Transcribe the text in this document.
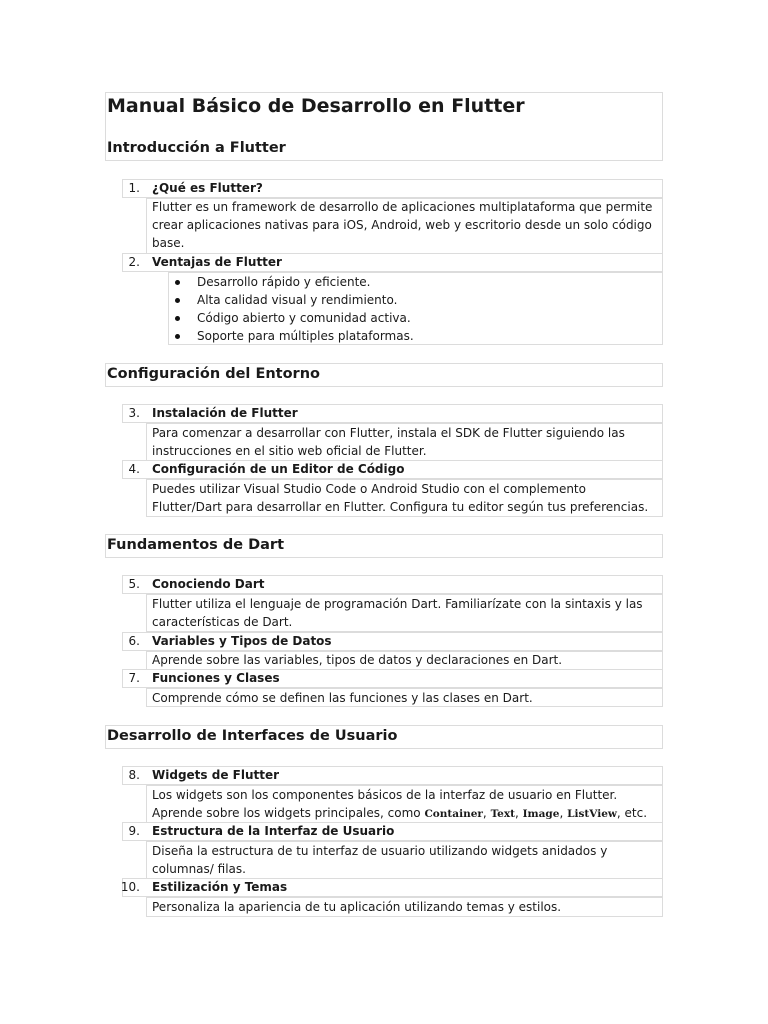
Manual Básico de Desarrollo en Flutter
Introducción a Flutter
1. ¿Qué es Flutter?
Flutter es un framework de desarrollo de aplicaciones multiplataforma que permite crear aplicaciones nativas para iOS, Android, web y escritorio desde un solo código base.
2. Ventajas de Flutter
Desarrollo rápido y eficiente.
Alta calidad visual y rendimiento.
Código abierto y comunidad activa.
Soporte para múltiples plataformas.
Configuración del Entorno
3. Instalación de Flutter
Para comenzar a desarrollar con Flutter, instala el SDK de Flutter siguiendo las instrucciones en el sitio web oficial de Flutter.
4. Configuración de un Editor de Código
Puedes utilizar Visual Studio Code o Android Studio con el complemento Flutter/Dart para desarrollar en Flutter. Configura tu editor según tus preferencias.
Fundamentos de Dart
5. Conociendo Dart
Flutter utiliza el lenguaje de programación Dart. Familiarízate con la sintaxis y las características de Dart.
6. Variables y Tipos de Datos
Aprende sobre las variables, tipos de datos y declaraciones en Dart.
7. Funciones y Clases
Comprende cómo se definen las funciones y las clases en Dart.
Desarrollo de Interfaces de Usuario
8. Widgets de Flutter
Los widgets son los componentes básicos de la interfaz de usuario en Flutter. Aprende sobre los widgets principales, como Container, Text, Image, ListView, etc.
9. Estructura de la Interfaz de Usuario
Diseña la estructura de tu interfaz de usuario utilizando widgets anidados y columnas/ filas.
10. Estilización y Temas
Personaliza la apariencia de tu aplicación utilizando temas y estilos.
